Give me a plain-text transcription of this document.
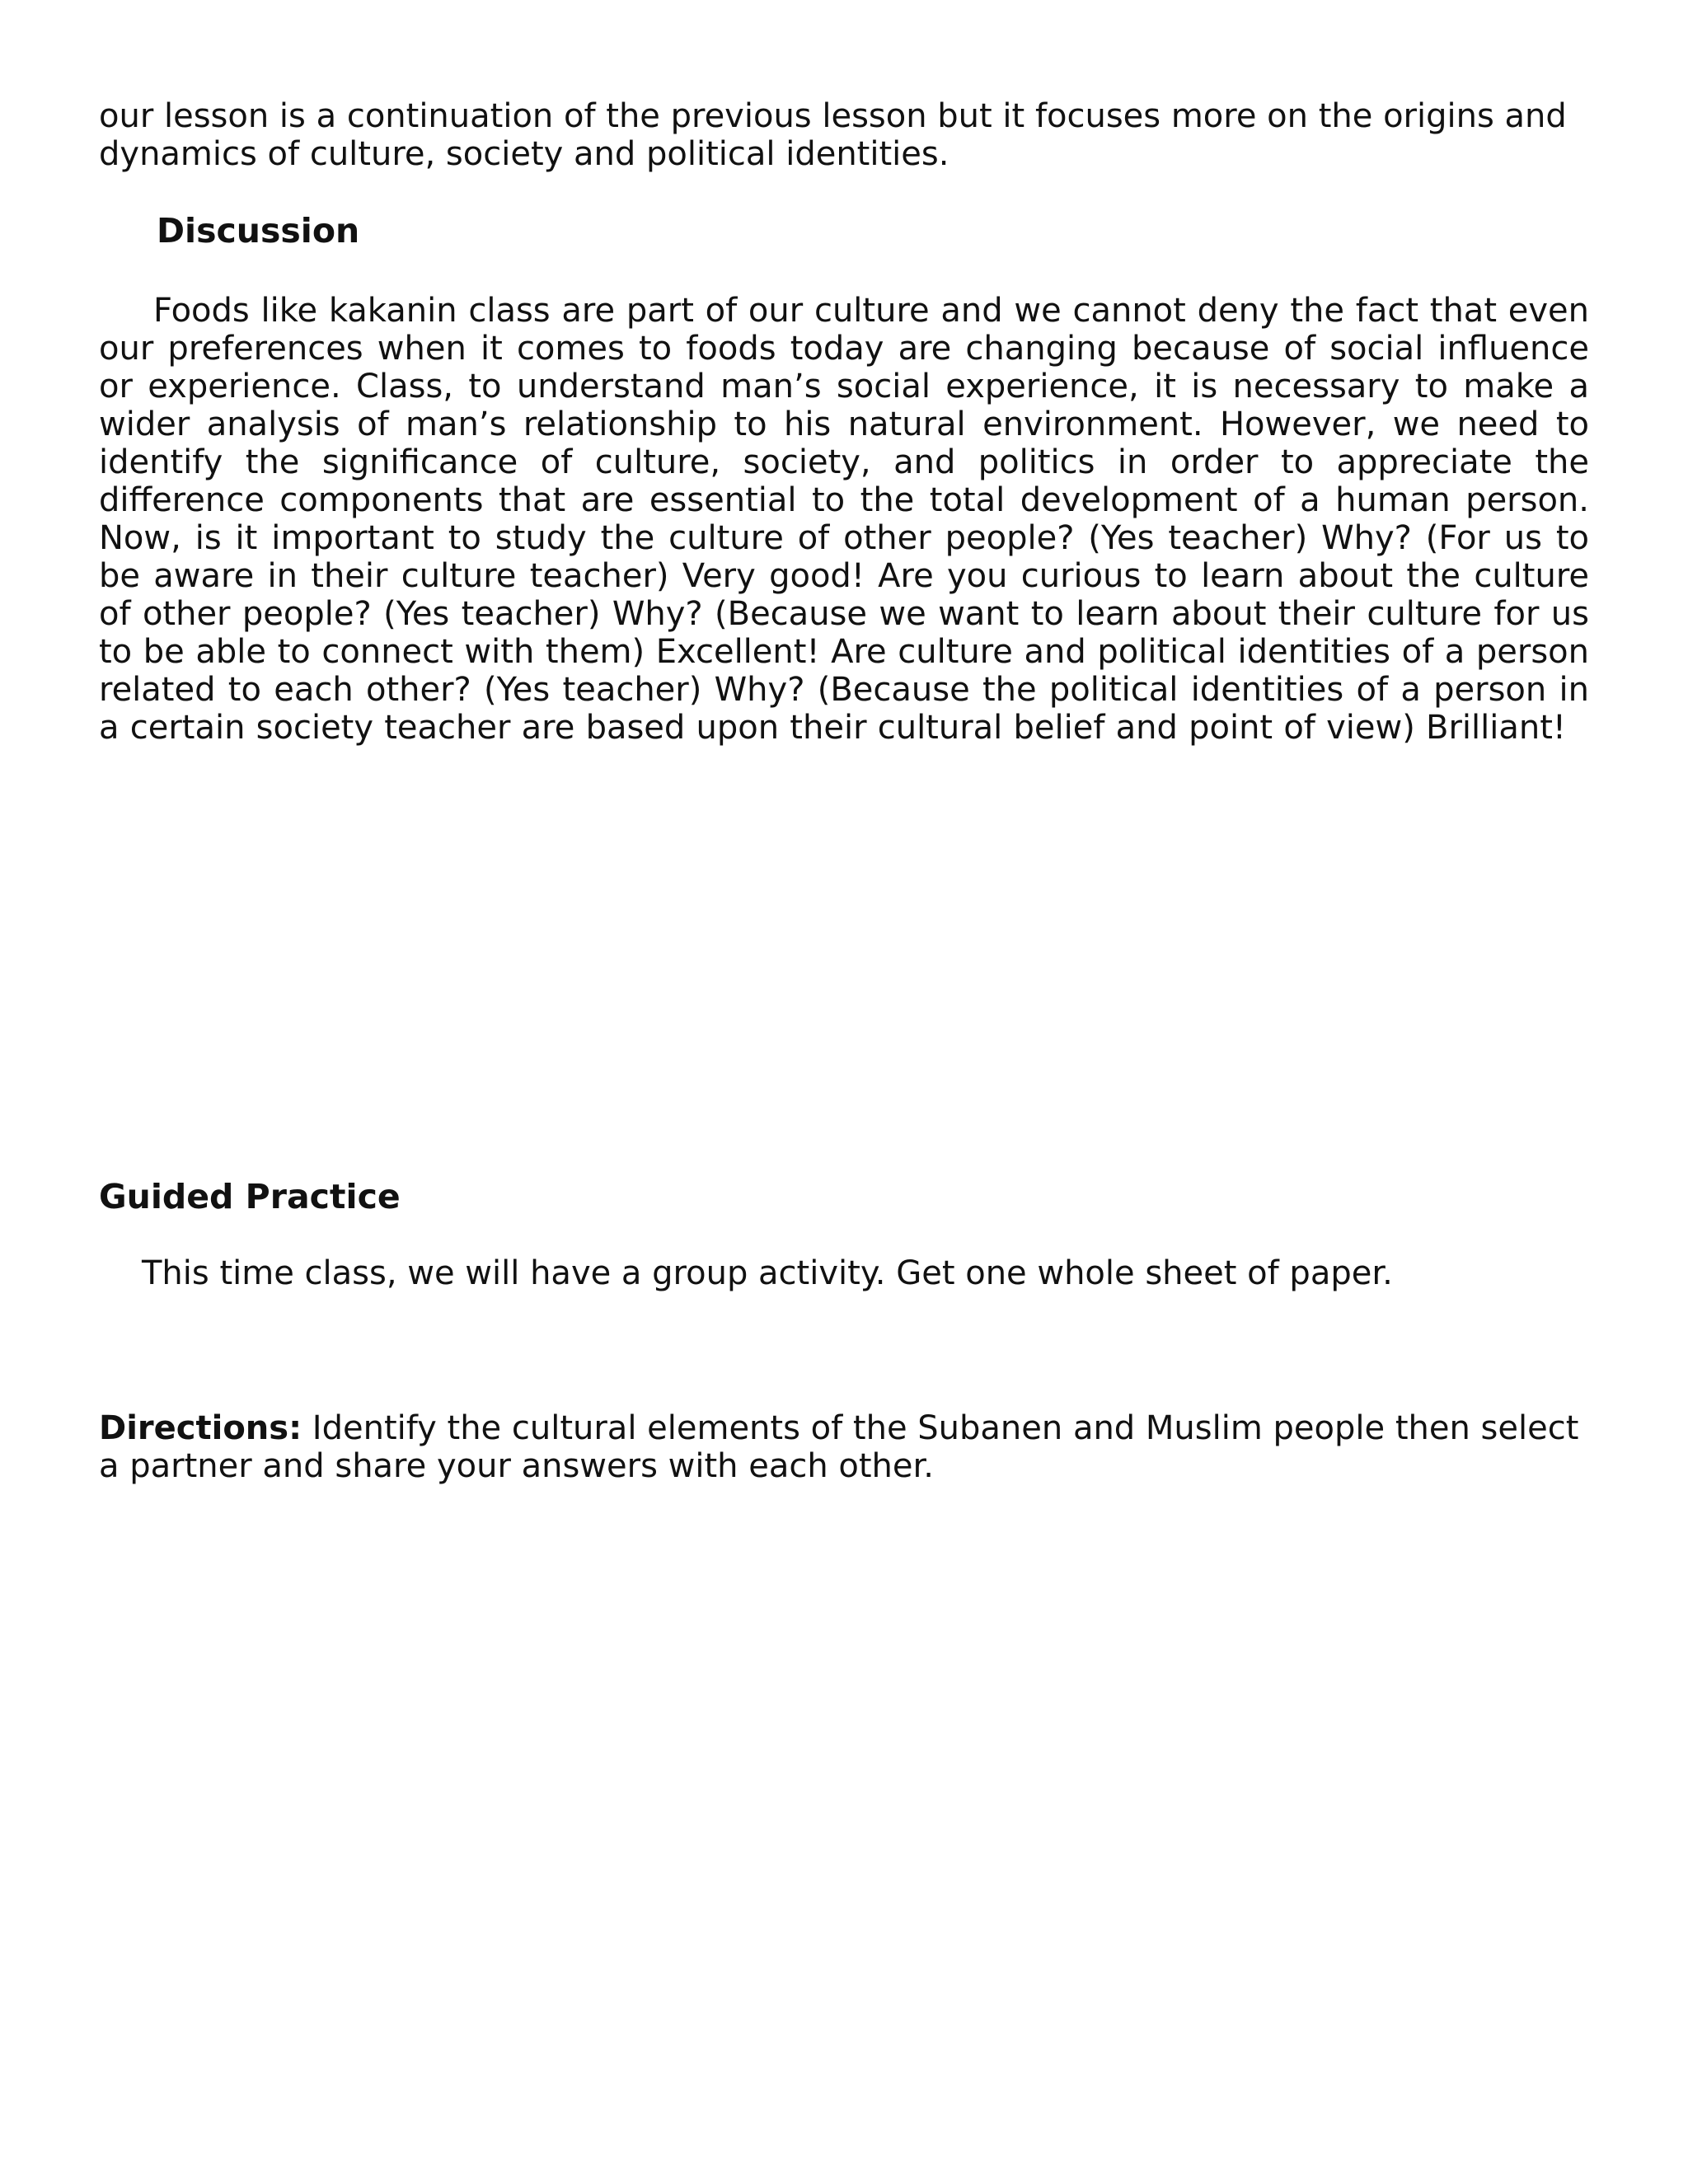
our lesson is a continuation of the previous lesson but it focuses more on the origins and dynamics of culture, society and political identities.

Discussion

Foods like kakanin class are part of our culture and we cannot deny the fact that even our preferences when it comes to foods today are changing because of social influence or experience. Class, to understand man’s social experience, it is necessary to make a wider analysis of man’s relationship to his natural environment. However, we need to identify the significance of culture, society, and politics in order to appreciate the difference components that are essential to the total development of a human person. Now, is it important to study the culture of other people? (Yes teacher) Why? (For us to be aware in their culture teacher) Very good! Are you curious to learn about the culture of other people? (Yes teacher) Why? (Because we want to learn about their culture for us to be able to connect with them) Excellent! Are culture and political identities of a person related to each other? (Yes teacher) Why? (Because the political identities of a person in a certain society teacher are based upon their cultural belief and point of view) Brilliant!

Guided Practice

This time class, we will have a group activity. Get one whole sheet of paper.

Directions: Identify the cultural elements of the Subanen and Muslim people then select a partner and share your answers with each other.
